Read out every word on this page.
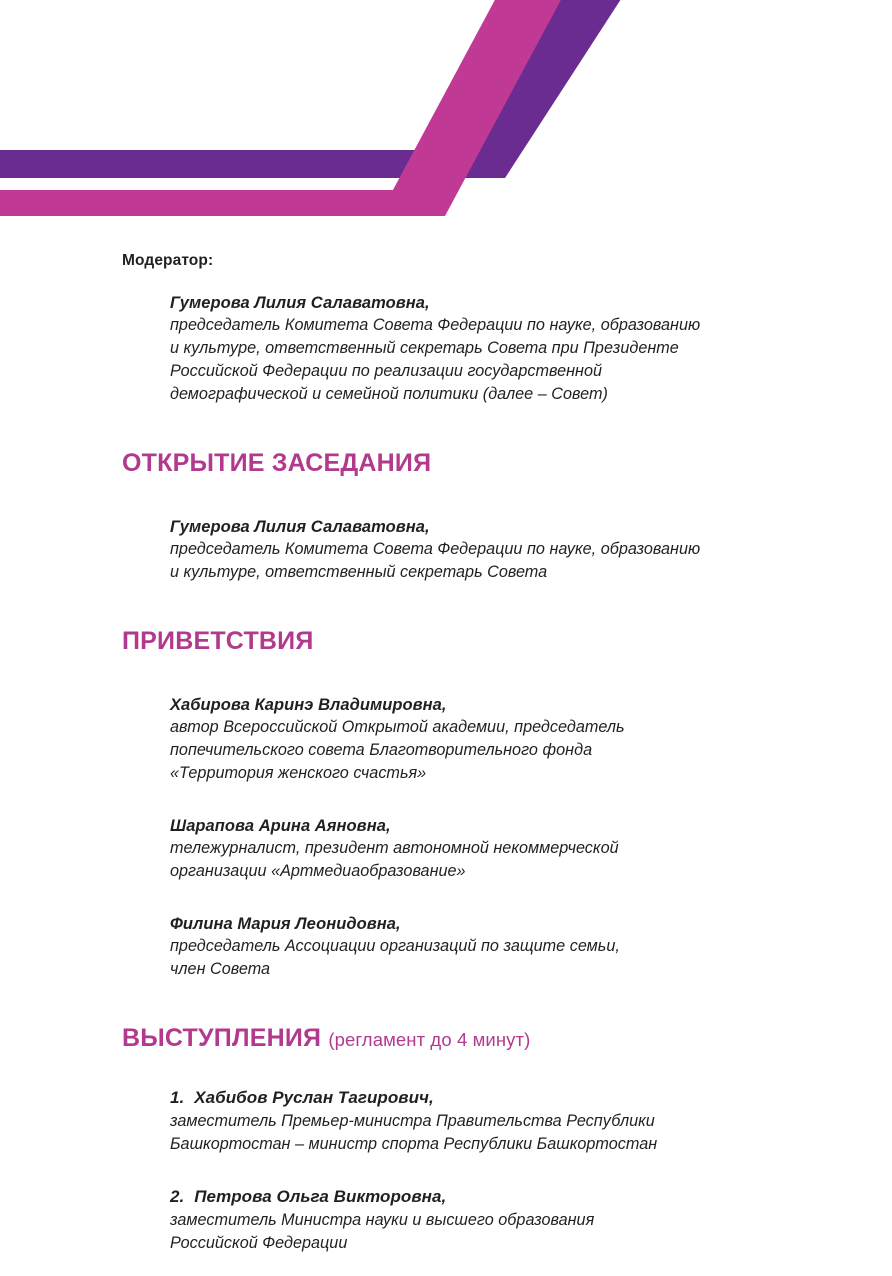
Модератор:
Гумерова Лилия Салаватовна,
председатель Комитета Совета Федерации по науке, образованию
и культуре, ответственный секретарь Совета при Президенте
Российской Федерации по реализации государственной
демографической и семейной политики (далее – Совет)
ОТКРЫТИЕ ЗАСЕДАНИЯ
Гумерова Лилия Салаватовна,
председатель Комитета Совета Федерации по науке, образованию
и культуре, ответственный секретарь Совета
ПРИВЕТСТВИЯ
Хабирова Каринэ Владимировна,
автор Всероссийской Открытой академии, председатель
попечительского совета Благотворительного фонда
«Территория женского счастья»
Шарапова Арина Аяновна,
тележурналист, президент автономной некоммерческой
организации «Артмедиаобразование»
Филина Мария Леонидовна,
председатель Ассоциации организаций по защите семьи,
член Совета
ВЫСТУПЛЕНИЯ (регламент до 4 минут)
1. Хабибов Руслан Тагирович,
заместитель Премьер-министра Правительства Республики
Башкортостан – министр спорта Республики Башкортостан
2. Петрова Ольга Викторовна,
заместитель Министра науки и высшего образования
Российской Федерации
